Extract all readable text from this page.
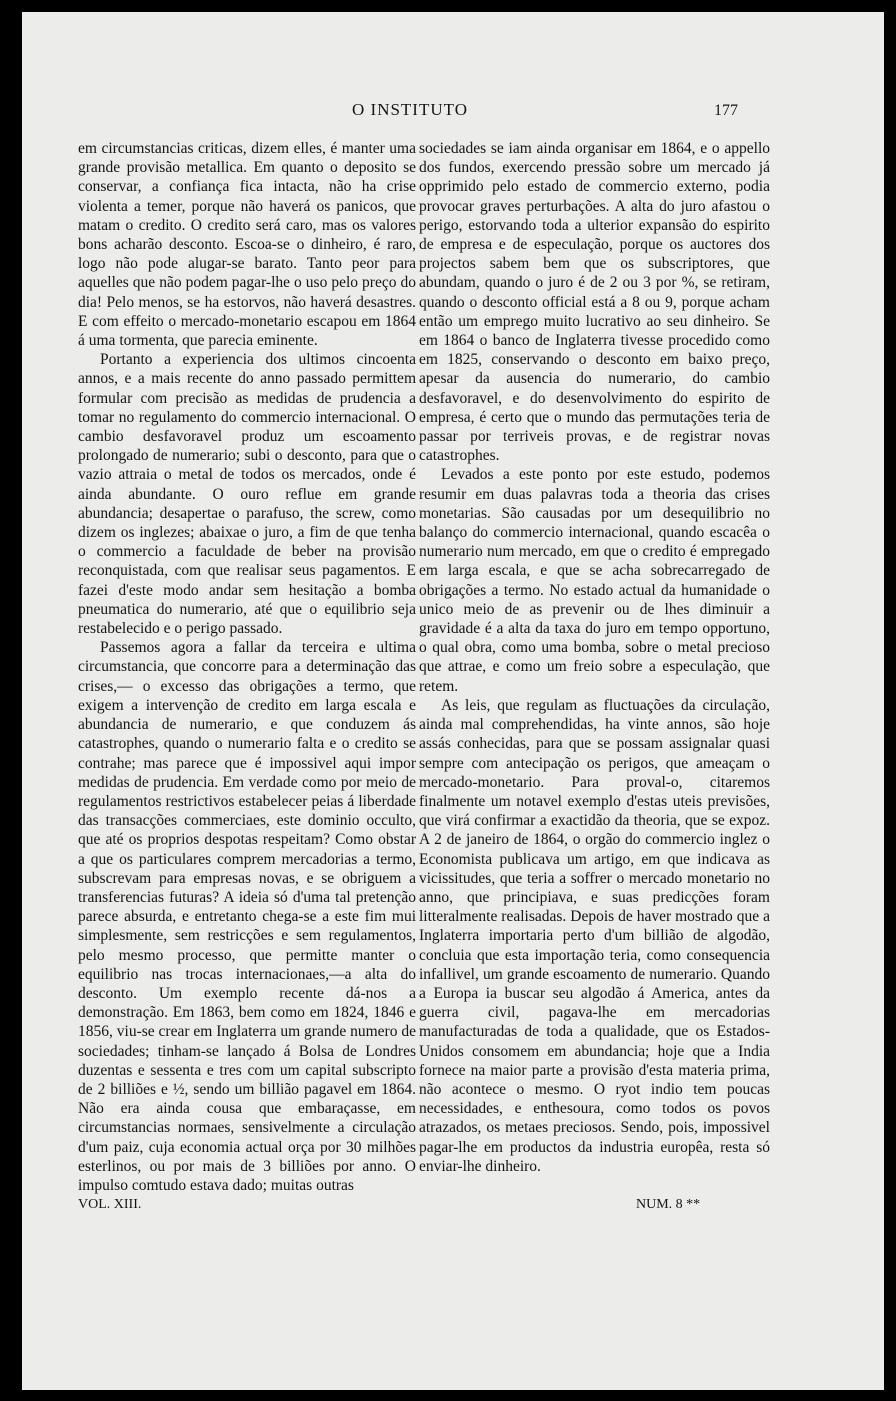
O INSTITUTO	177

em circumstancias criticas, dizem elles, é manter uma grande provisão metallica. Em quanto o deposito se conservar, a confiança fica intacta, não ha crise violenta a temer, porque não haverá os panicos, que matam o credito. O credito será caro, mas os valores bons acharão desconto. Escoa-se o dinheiro, é raro, logo não pode alugar-se barato. Tanto peor para aquelles que não podem pagar-lhe o uso pelo preço do dia! Pelo menos, se ha estorvos, não haverá desastres. E com effeito o mercado-monetario escapou em 1864 á uma tormenta, que parecia eminente.

Portanto a experiencia dos ultimos cincoenta annos, e a mais recente do anno passado permittem formular com precisão as medidas de prudencia a tomar no regulamento do commercio internacional. O cambio desfavoravel produz um escoamento prolongado de numerario; subi o desconto, para que o vazio attraia o metal de todos os mercados, onde é ainda abundante. O ouro reflue em grande abundancia; desapertae o parafuso, the screw, como dizem os inglezes; abaixae o juro, a fim de que tenha o commercio a faculdade de beber na provisão reconquistada, com que realisar seus pagamentos. E fazei d'este modo andar sem hesitação a bomba pneumatica do numerario, até que o equilibrio seja restabelecido e o perigo passado.

Passemos agora a fallar da terceira e ultima circumstancia, que concorre para a determinação das crises,— o excesso das obrigações a termo, que exigem a intervenção de credito em larga escala e abundancia de numerario, e que conduzem ás catastrophes, quando o numerario falta e o credito se contrahe; mas parece que é impossivel aqui impor medidas de prudencia. Em verdade como por meio de regulamentos restrictivos estabelecer peias á liberdade das transacções commerciaes, este dominio occulto, que até os proprios despotas respeitam? Como obstar a que os particulares comprem mercadorias a termo, subscrevam para empresas novas, e se obriguem a transferencias futuras? A ideia só d'uma tal pretenção parece absurda, e entretanto chega-se a este fim mui simplesmente, sem restricções e sem regulamentos, pelo mesmo processo, que permitte manter o equilibrio nas trocas internacionaes,—a alta do desconto. Um exemplo recente dá-nos a demonstração. Em 1863, bem como em 1824, 1846 e 1856, viu-se crear em Inglaterra um grande numero de sociedades; tinham-se lançado á Bolsa de Londres duzentas e sessenta e tres com um capital subscripto de 2 billiões e ½, sendo um billião pagavel em 1864. Não era ainda cousa que embaraçasse, em circumstancias normaes, sensivelmente a circulação d'um paiz, cuja economia actual orça por 30 milhões esterlinos, ou por mais de 3 billiões por anno. O impulso comtudo estava dado; muitas outras

sociedades se iam ainda organisar em 1864, e o appello dos fundos, exercendo pressão sobre um mercado já opprimido pelo estado de commercio externo, podia provocar graves perturbações. A alta do juro afastou o perigo, estorvando toda a ulterior expansão do espirito de empresa e de especulação, porque os auctores dos projectos sabem bem que os subscriptores, que abundam, quando o juro é de 2 ou 3 por %, se retiram, quando o desconto official está a 8 ou 9, porque acham então um emprego muito lucrativo ao seu dinheiro. Se em 1864 o banco de Inglaterra tivesse procedido como em 1825, conservando o desconto em baixo preço, apesar da ausencia do numerario, do cambio desfavoravel, e do desenvolvimento do espirito de empresa, é certo que o mundo das permutações teria de passar por terriveis provas, e de registrar novas catastrophes.

Levados a este ponto por este estudo, podemos resumir em duas palavras toda a theoria das crises monetarias. São causadas por um desequilibrio no balanço do commercio internacional, quando escacêa o numerario num mercado, em que o credito é empregado em larga escala, e que se acha sobrecarregado de obrigações a termo. No estado actual da humanidade o unico meio de as prevenir ou de lhes diminuir a gravidade é a alta da taxa do juro em tempo opportuno, o qual obra, como uma bomba, sobre o metal precioso que attrae, e como um freio sobre a especulação, que retem.

As leis, que regulam as fluctuações da circulação, ainda mal comprehendidas, ha vinte annos, são hoje assás conhecidas, para que se possam assignalar quasi sempre com antecipação os perigos, que ameaçam o mercado-monetario. Para proval-o, citaremos finalmente um notavel exemplo d'estas uteis previsões, que virá confirmar a exactidão da theoria, que se expoz. A 2 de janeiro de 1864, o orgão do commercio inglez o Economista publicava um artigo, em que indicava as vicissitudes, que teria a soffrer o mercado monetario no anno, que principiava, e suas predicções foram litteralmente realisadas. Depois de haver mostrado que a Inglaterra importaria perto d'um billião de algodão, concluia que esta importação teria, como consequencia infallivel, um grande escoamento de numerario. Quando a Europa ia buscar seu algodão á America, antes da guerra civil, pagava-lhe em mercadorias manufacturadas de toda a qualidade, que os Estados-Unidos consomem em abundancia; hoje que a India fornece na maior parte a provisão d'esta materia prima, não acontece o mesmo. O ryot indio tem poucas necessidades, e enthesoura, como todos os povos atrazados, os metaes preciosos. Sendo, pois, impossivel pagar-lhe em productos da industria europêa, resta só enviar-lhe dinheiro.

VOL. XIII.	NUM. 8 **
